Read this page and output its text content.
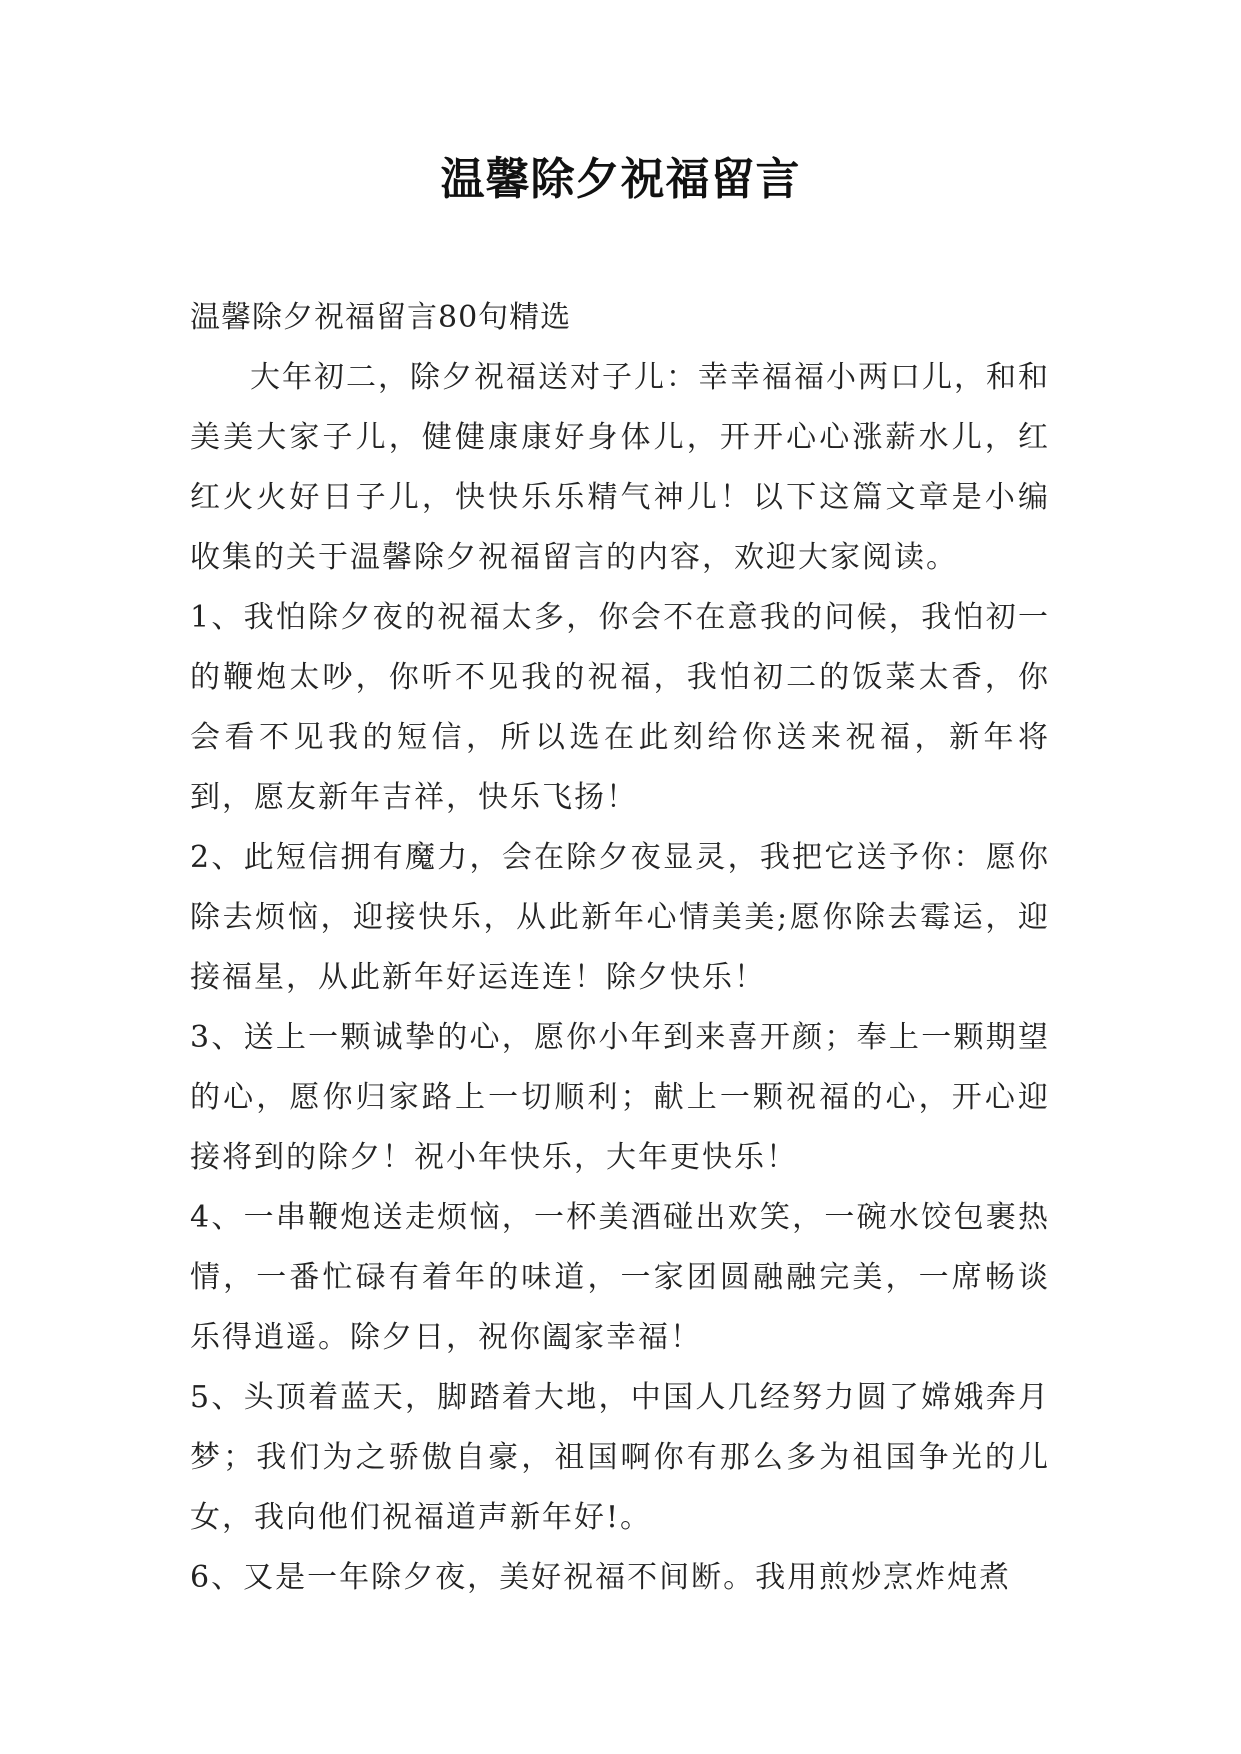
温馨除夕祝福留言

温馨除夕祝福留言80句精选

大年初二，除夕祝福送对子儿：幸幸福福小两口儿，和和美美大家子儿，健健康康好身体儿，开开心心涨薪水儿，红红火火好日子儿，快快乐乐精气神儿！以下这篇文章是小编收集的关于温馨除夕祝福留言的内容，欢迎大家阅读。

1、我怕除夕夜的祝福太多，你会不在意我的问候，我怕初一的鞭炮太吵，你听不见我的祝福，我怕初二的饭菜太香，你会看不见我的短信，所以选在此刻给你送来祝福，新年将到，愿友新年吉祥，快乐飞扬！

2、此短信拥有魔力，会在除夕夜显灵，我把它送予你：愿你除去烦恼，迎接快乐，从此新年心情美美;愿你除去霉运，迎接福星，从此新年好运连连！除夕快乐！

3、送上一颗诚挚的心，愿你小年到来喜开颜；奉上一颗期望的心，愿你归家路上一切顺利；献上一颗祝福的心，开心迎接将到的除夕！祝小年快乐，大年更快乐！

4、一串鞭炮送走烦恼，一杯美酒碰出欢笑，一碗水饺包裹热情，一番忙碌有着年的味道，一家团圆融融完美，一席畅谈乐得逍遥。除夕日，祝你阖家幸福！

5、头顶着蓝天，脚踏着大地，中国人几经努力圆了嫦娥奔月梦；我们为之骄傲自豪，祖国啊你有那么多为祖国争光的儿女，我向他们祝福道声新年好!。

6、又是一年除夕夜，美好祝福不间断。我用煎炒烹炸炖煮
